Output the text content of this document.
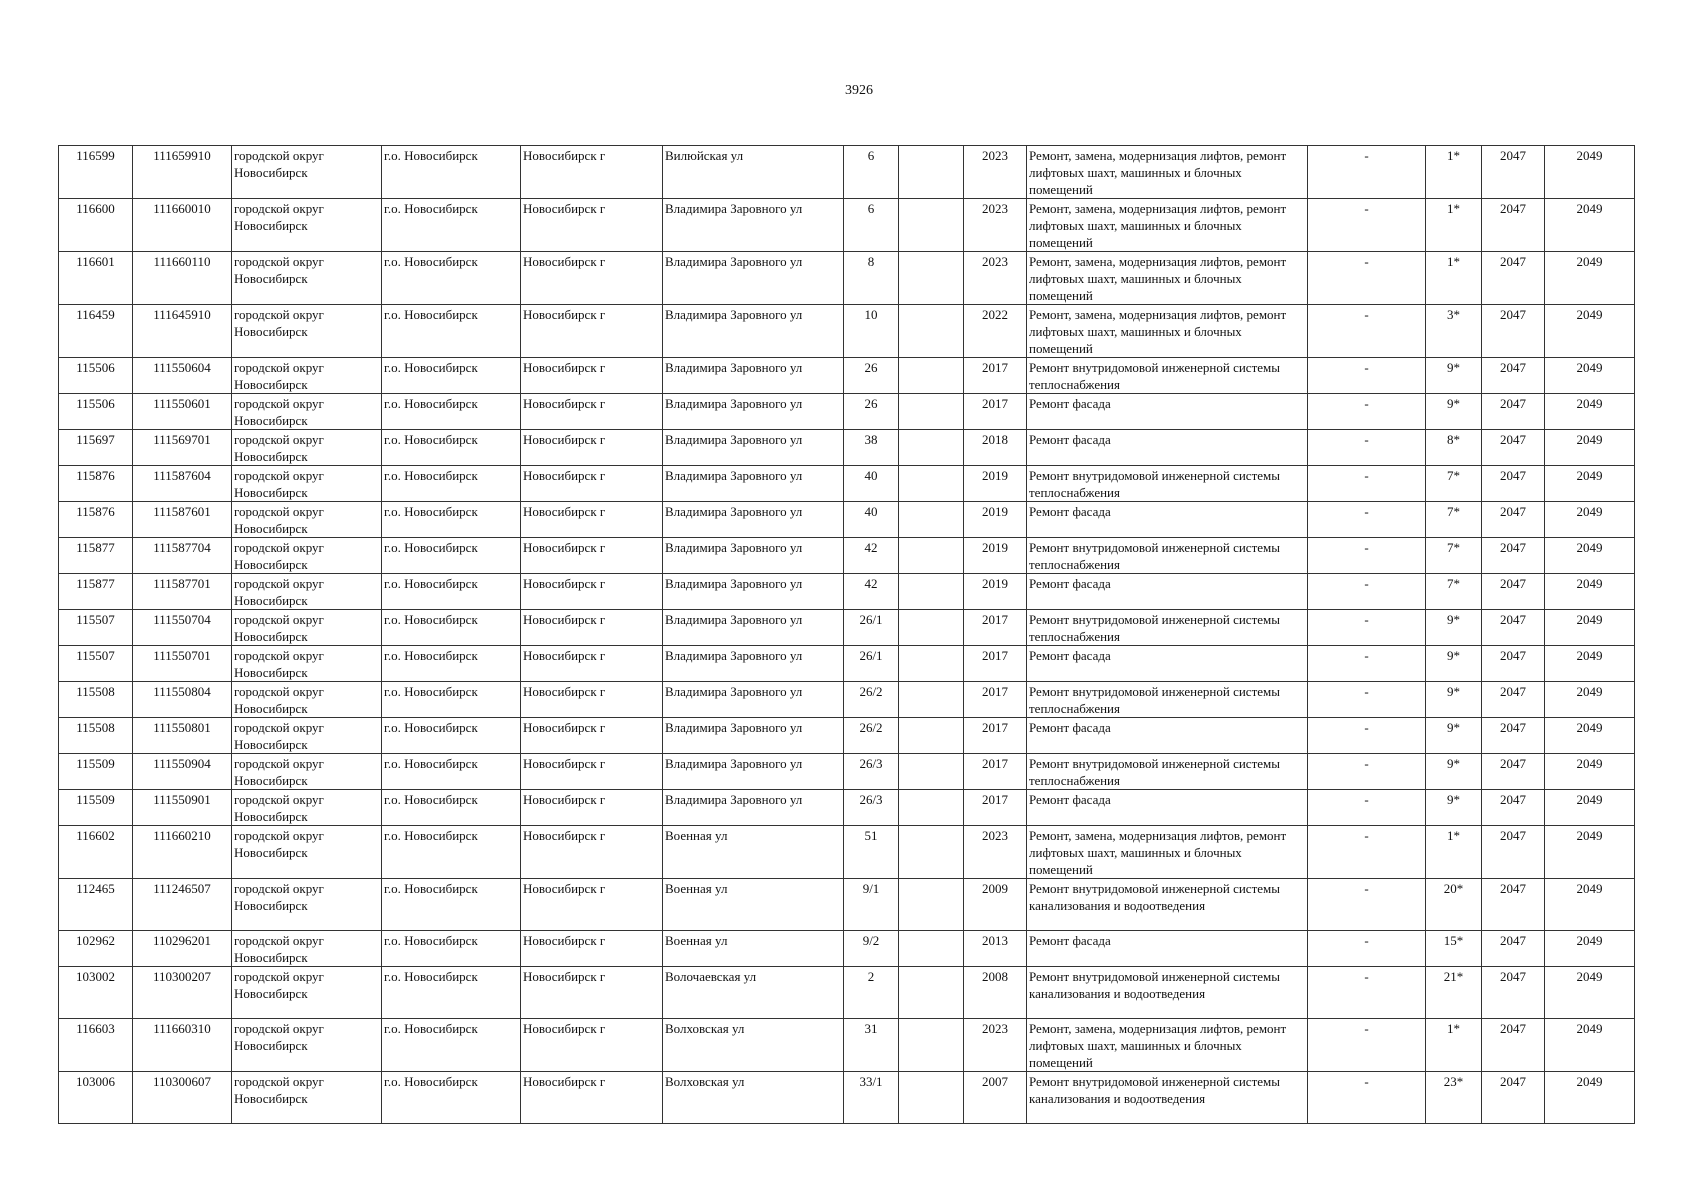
3926
116599	111659910	городской округ Новосибирск	г.о. Новосибирск	Новосибирск г	Вилюйская ул	6		2023	Ремонт, замена, модернизация лифтов, ремонт лифтовых шахт, машинных и блочных помещений	-	1*	2047	2049
116600	111660010	городской округ Новосибирск	г.о. Новосибирск	Новосибирск г	Владимира Заровного ул	6		2023	Ремонт, замена, модернизация лифтов, ремонт лифтовых шахт, машинных и блочных помещений	-	1*	2047	2049
116601	111660110	городской округ Новосибирск	г.о. Новосибирск	Новосибирск г	Владимира Заровного ул	8		2023	Ремонт, замена, модернизация лифтов, ремонт лифтовых шахт, машинных и блочных помещений	-	1*	2047	2049
116459	111645910	городской округ Новосибирск	г.о. Новосибирск	Новосибирск г	Владимира Заровного ул	10		2022	Ремонт, замена, модернизация лифтов, ремонт лифтовых шахт, машинных и блочных помещений	-	3*	2047	2049
115506	111550604	городской округ Новосибирск	г.о. Новосибирск	Новосибирск г	Владимира Заровного ул	26		2017	Ремонт внутридомовой инженерной системы теплоснабжения	-	9*	2047	2049
115506	111550601	городской округ Новосибирск	г.о. Новосибирск	Новосибирск г	Владимира Заровного ул	26		2017	Ремонт фасада	-	9*	2047	2049
115697	111569701	городской округ Новосибирск	г.о. Новосибирск	Новосибирск г	Владимира Заровного ул	38		2018	Ремонт фасада	-	8*	2047	2049
115876	111587604	городской округ Новосибирск	г.о. Новосибирск	Новосибирск г	Владимира Заровного ул	40		2019	Ремонт внутридомовой инженерной системы теплоснабжения	-	7*	2047	2049
115876	111587601	городской округ Новосибирск	г.о. Новосибирск	Новосибирск г	Владимира Заровного ул	40		2019	Ремонт фасада	-	7*	2047	2049
115877	111587704	городской округ Новосибирск	г.о. Новосибирск	Новосибирск г	Владимира Заровного ул	42		2019	Ремонт внутридомовой инженерной системы теплоснабжения	-	7*	2047	2049
115877	111587701	городской округ Новосибирск	г.о. Новосибирск	Новосибирск г	Владимира Заровного ул	42		2019	Ремонт фасада	-	7*	2047	2049
115507	111550704	городской округ Новосибирск	г.о. Новосибирск	Новосибирск г	Владимира Заровного ул	26/1		2017	Ремонт внутридомовой инженерной системы теплоснабжения	-	9*	2047	2049
115507	111550701	городской округ Новосибирск	г.о. Новосибирск	Новосибирск г	Владимира Заровного ул	26/1		2017	Ремонт фасада	-	9*	2047	2049
115508	111550804	городской округ Новосибирск	г.о. Новосибирск	Новосибирск г	Владимира Заровного ул	26/2		2017	Ремонт внутридомовой инженерной системы теплоснабжения	-	9*	2047	2049
115508	111550801	городской округ Новосибирск	г.о. Новосибирск	Новосибирск г	Владимира Заровного ул	26/2		2017	Ремонт фасада	-	9*	2047	2049
115509	111550904	городской округ Новосибирск	г.о. Новосибирск	Новосибирск г	Владимира Заровного ул	26/3		2017	Ремонт внутридомовой инженерной системы теплоснабжения	-	9*	2047	2049
115509	111550901	городской округ Новосибирск	г.о. Новосибирск	Новосибирск г	Владимира Заровного ул	26/3		2017	Ремонт фасада	-	9*	2047	2049
116602	111660210	городской округ Новосибирск	г.о. Новосибирск	Новосибирск г	Военная ул	51		2023	Ремонт, замена, модернизация лифтов, ремонт лифтовых шахт, машинных и блочных помещений	-	1*	2047	2049
112465	111246507	городской округ Новосибирск	г.о. Новосибирск	Новосибирск г	Военная ул	9/1		2009	Ремонт внутридомовой инженерной системы канализования и водоотведения	-	20*	2047	2049
102962	110296201	городской округ Новосибирск	г.о. Новосибирск	Новосибирск г	Военная ул	9/2		2013	Ремонт фасада	-	15*	2047	2049
103002	110300207	городской округ Новосибирск	г.о. Новосибирск	Новосибирск г	Волочаевская ул	2		2008	Ремонт внутридомовой инженерной системы канализования и водоотведения	-	21*	2047	2049
116603	111660310	городской округ Новосибирск	г.о. Новосибирск	Новосибирск г	Волховская ул	31		2023	Ремонт, замена, модернизация лифтов, ремонт лифтовых шахт, машинных и блочных помещений	-	1*	2047	2049
103006	110300607	городской округ Новосибирск	г.о. Новосибирск	Новосибирск г	Волховская ул	33/1		2007	Ремонт внутридомовой инженерной системы канализования и водоотведения	-	23*	2047	2049
